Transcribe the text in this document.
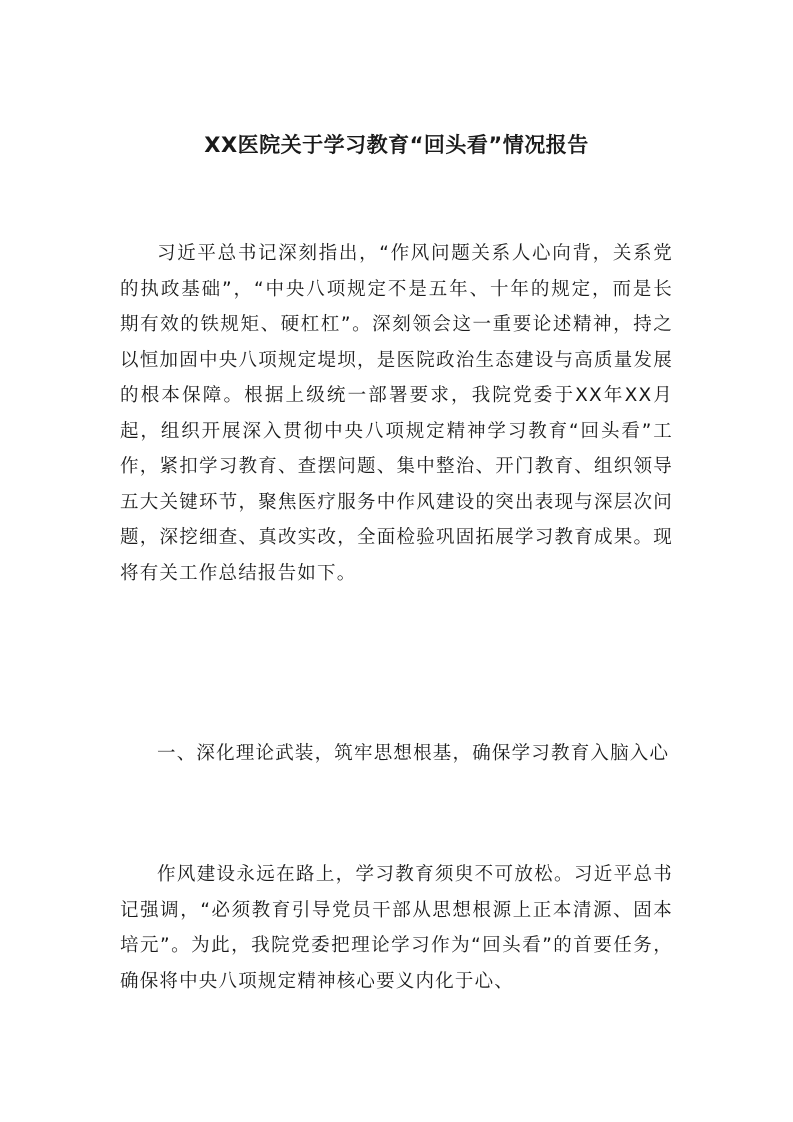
XX医院关于学习教育“回头看”情况报告

习近平总书记深刻指出，“作风问题关系人心向背，关系党的执政基础”，“中央八项规定不是五年、十年的规定，而是长期有效的铁规矩、硬杠杠”。深刻领会这一重要论述精神，持之以恒加固中央八项规定堤坝，是医院政治生态建设与高质量发展的根本保障。根据上级统一部署要求，我院党委于XX年XX月起，组织开展深入贯彻中央八项规定精神学习教育“回头看”工作，紧扣学习教育、查摆问题、集中整治、开门教育、组织领导五大关键环节，聚焦医疗服务中作风建设的突出表现与深层次问题，深挖细查、真改实改，全面检验巩固拓展学习教育成果。现将有关工作总结报告如下。

一、深化理论武装，筑牢思想根基，确保学习教育入脑入心

作风建设永远在路上，学习教育须臾不可放松。习近平总书记强调，“必须教育引导党员干部从思想根源上正本清源、固本培元”。为此，我院党委把理论学习作为“回头看”的首要任务，确保将中央八项规定精神核心要义内化于心、
